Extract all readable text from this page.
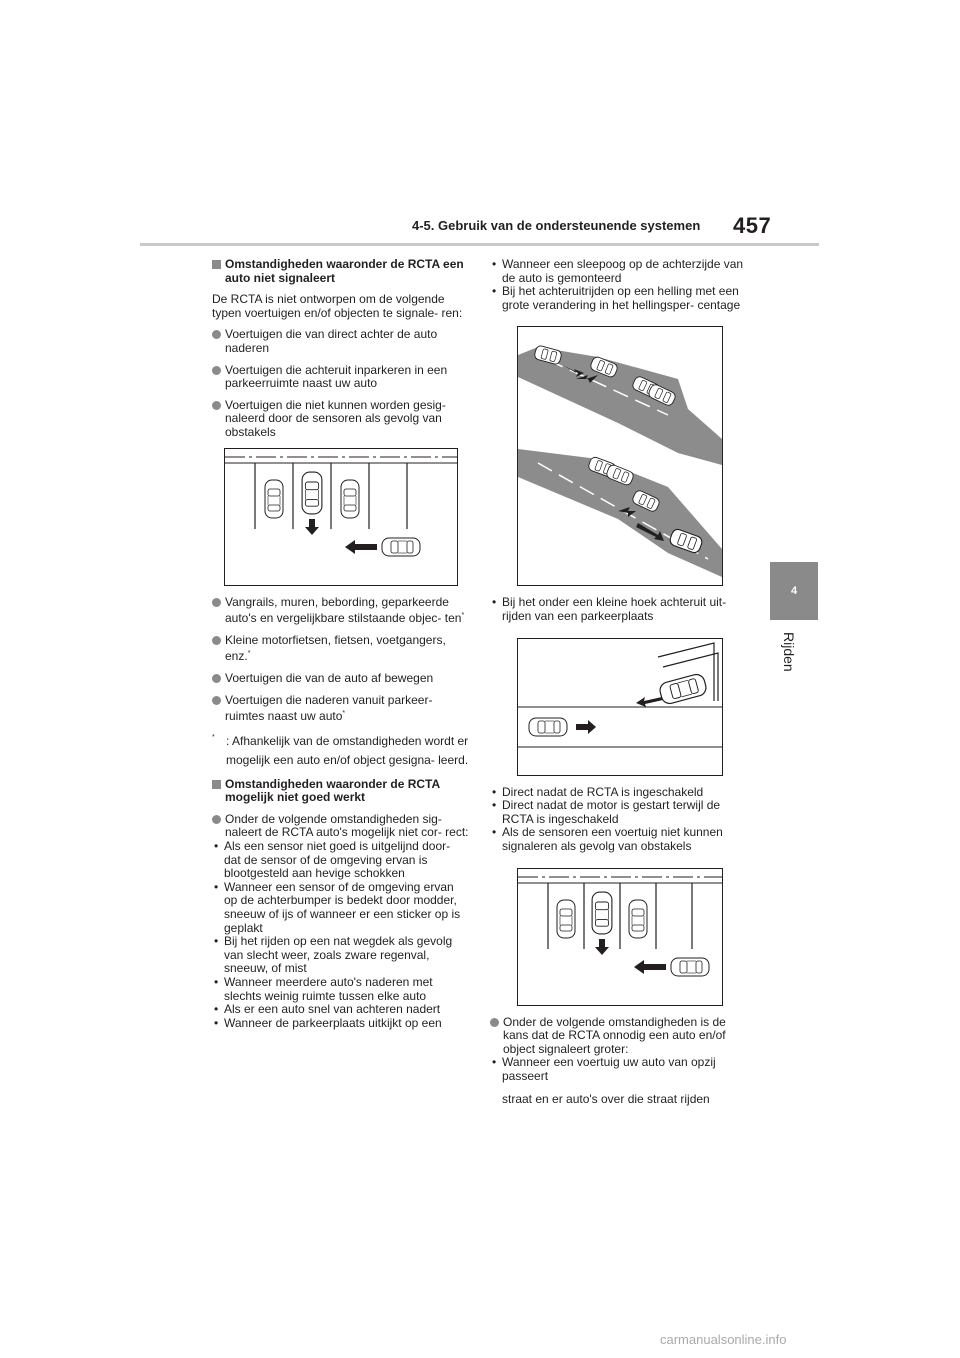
4-5. Gebruik van de ondersteunende systemen 457
4
Rijden
Omstandigheden waaronder de RCTA een auto niet signaleert
De RCTA is niet ontworpen om de volgende typen voertuigen en/of objecten te signale- ren:
Voertuigen die van direct achter de auto naderen
Voertuigen die achteruit inparkeren in een parkeerruimte naast uw auto
Voertuigen die niet kunnen worden gesig- naleerd door de sensoren als gevolg van obstakels
Vangrails, muren, bebording, geparkeerde auto's en vergelijkbare stilstaande objec- ten*
Kleine motorfietsen, fietsen, voetgangers, enz.*
Voertuigen die van de auto af bewegen
Voertuigen die naderen vanuit parkeer- ruimtes naast uw auto*
* : Afhankelijk van de omstandigheden wordt er mogelijk een auto en/of object gesigna- leerd.
Omstandigheden waaronder de RCTA mogelijk niet goed werkt
Onder de volgende omstandigheden sig- naleert de RCTA auto's mogelijk niet cor- rect:
• Als een sensor niet goed is uitgelijnd door- dat de sensor of de omgeving ervan is blootgesteld aan hevige schokken
• Wanneer een sensor of de omgeving ervan op de achterbumper is bedekt door modder, sneeuw of ijs of wanneer er een sticker op is geplakt
• Bij het rijden op een nat wegdek als gevolg van slecht weer, zoals zware regenval, sneeuw, of mist
• Wanneer meerdere auto's naderen met slechts weinig ruimte tussen elke auto
• Als er een auto snel van achteren nadert
• Wanneer de parkeerplaats uitkijkt op een
• Wanneer een sleepoog op de achterzijde van de auto is gemonteerd
• Bij het achteruitrijden op een helling met een grote verandering in het hellingsper- centage
• Bij het onder een kleine hoek achteruit uit- rijden van een parkeerplaats
• Direct nadat de RCTA is ingeschakeld
• Direct nadat de motor is gestart terwijl de RCTA is ingeschakeld
• Als de sensoren een voertuig niet kunnen signaleren als gevolg van obstakels
Onder de volgende omstandigheden is de kans dat de RCTA onnodig een auto en/of object signaleert groter:
• Wanneer een voertuig uw auto van opzij passeert
straat en er auto's over die straat rijden
carmanualsonline.info
